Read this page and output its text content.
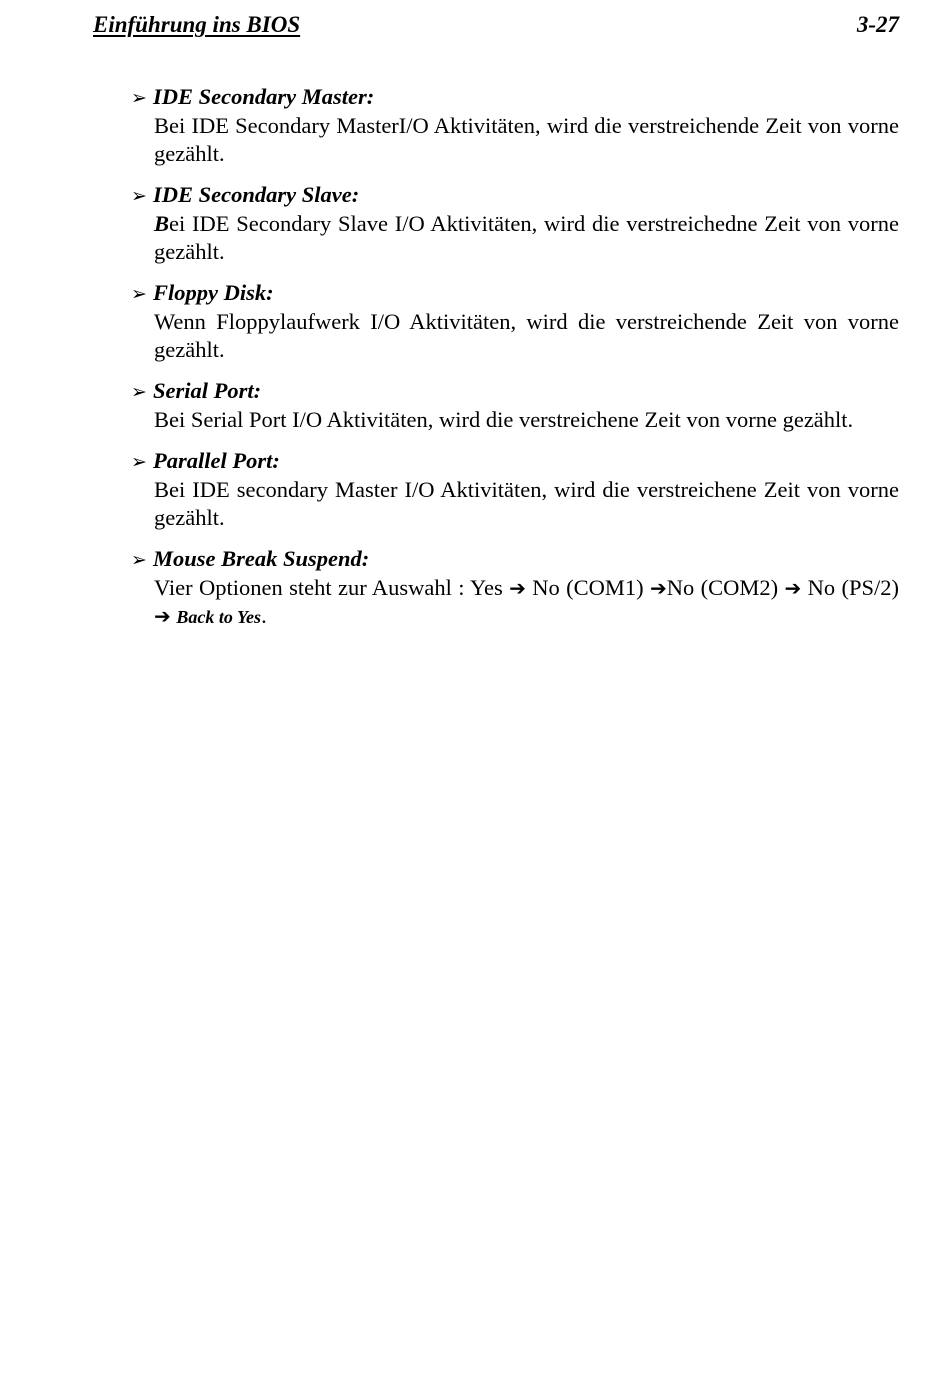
Einführung ins BIOS	3-27
➢ IDE Secondary Master:
Bei IDE Secondary MasterI/O Aktivitäten, wird die verstreichende Zeit von vorne gezählt.
➢ IDE Secondary Slave:
Bei IDE Secondary Slave I/O Aktivitäten, wird die verstreichedne Zeit von vorne gezählt.
➢ Floppy Disk:
Wenn Floppylaufwerk I/O Aktivitäten, wird die verstreichende Zeit von vorne gezählt.
➢ Serial Port:
Bei Serial Port I/O Aktivitäten, wird die verstreichene Zeit von vorne gezählt.
➢ Parallel Port:
Bei IDE secondary Master I/O Aktivitäten, wird die verstreichene Zeit von vorne gezählt.
➢ Mouse Break Suspend:
Vier Optionen steht zur Auswahl : Yes ➔ No (COM1) ➔No (COM2) ➔ No (PS/2) ➔ Back to Yes.
